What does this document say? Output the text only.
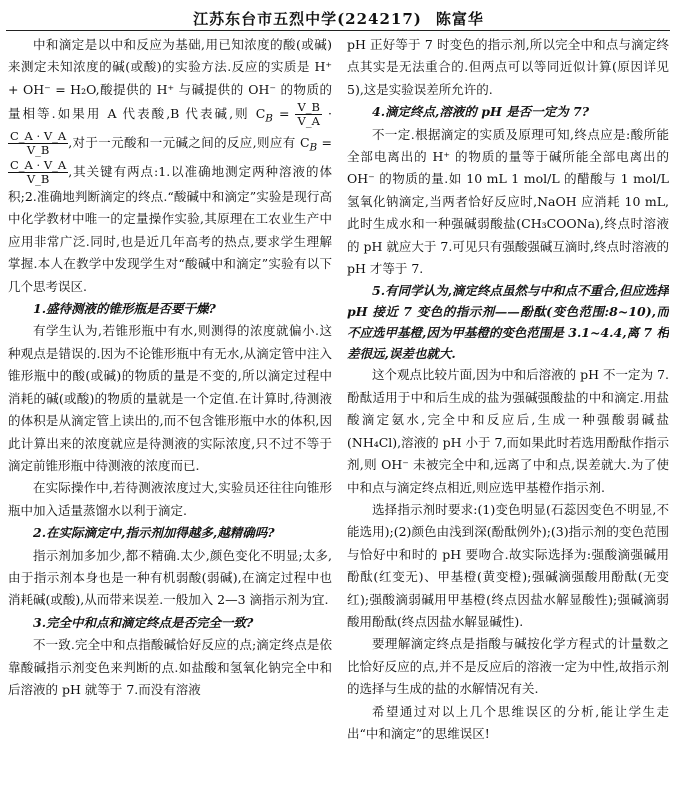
江苏东台市五烈中学(224217) 陈富华

中和滴定是以中和反应为基础,用已知浓度的酸(或碱)来测定未知浓度的碱(或酸)的实验方法.反应的实质是 H⁺ + OH⁻ = H₂O,酸提供的 H⁺ 与碱提供的 OH⁻ 的物质的量相等.如果用 A 代表酸,B 代表碱,则 $C_B = \frac{V\_B}{V\_A}$ ·
$\frac{C\_A \cdot V\_A}{V\_B}$ ,对于一元酸和一元碱之间的反应,则应有 $C_B$ =
$\frac{C\_A \cdot V\_A}{V\_B}$ ,其关键有两点:1.以准确地测定两种溶液的体积;2.准确地判断滴定的终点.“酸碱中和滴定”实验是现行高中化学教材中唯一的定量操作实验,其原理在工农业生产中应用非常广泛.同时,也是近几年高考的热点,要求学生理解掌握.本人在教学中发现学生对“酸碱中和滴定”实验有以下几个思考误区.

1.盛待测液的锥形瓶是否要干燥?

有学生认为,若锥形瓶中有水,则测得的浓度就偏小.这种观点是错误的.因为不论锥形瓶中有无水,从滴定管中注入锥形瓶中的酸(或碱)的物质的量是不变的,所以滴定过程中消耗的碱(或酸)的物质的量就是一个定值.在计算时,待测液的体积是从滴定管上读出的,而不包含锥形瓶中水的体积,因此计算出来的浓度就应是待测液的实际浓度,只不过不等于滴定前锥形瓶中待测液的浓度而已.

在实际操作中,若待测液浓度过大,实验员还往往向锥形瓶中加入适量蒸馏水以利于滴定.

2.在实际滴定中,指示剂加得越多,越精确吗?

指示剂加多加少,都不精确.太少,颜色变化不明显;太多,由于指示剂本身也是一种有机弱酸(弱碱),在滴定过程中也消耗碱(或酸),从而带来误差.一般加入 2—3 滴指示剂为宜.

3.完全中和点和滴定终点是否完全一致?

不一致.完全中和点指酸碱恰好反应的点;滴定终点是依靠酸碱指示剂变色来判断的点.如盐酸和氢氧化钠完全中和后溶液的 pH 就等于 7.而没有溶液

pH 正好等于 7 时变色的指示剂,所以完全中和点与滴定终点其实是无法重合的.但两点可以等同近似计算(原因详见 5),这是实验误差所允许的.

4.滴定终点,溶液的 pH 是否一定为 7?

不一定.根据滴定的实质及原理可知,终点应是:酸所能全部电离出的 H⁺ 的物质的量等于碱所能全部电离出的 OH⁻ 的物质的量.如 10 mL 1 mol/L 的醋酸与 1 mol/L 氢氧化钠滴定,当两者恰好反应时,NaOH 应消耗 10 mL,此时生成水和一种强碱弱酸盐(CH₃COONa),终点时溶液的 pH 就应大于 7.可见只有强酸强碱互滴时,终点时溶液的 pH 才等于 7.

5.有同学认为,滴定终点虽然与中和点不重合,但应选择 pH 接近 7 变色的指示剂——酚酞(变色范围:8~10),而不应选甲基橙,因为甲基橙的变色范围是 3.1~4.4,离 7 相差很远,误差也就大.

这个观点比较片面,因为中和后溶液的 pH 不一定为 7.酚酞适用于中和后生成的盐为强碱强酸盐的中和滴定.用盐酸滴定氨水,完全中和反应后,生成一种强酸弱碱盐(NH₄Cl),溶液的 pH 小于 7,而如果此时若选用酚酞作指示剂,则 OH⁻ 未被完全中和,远离了中和点,误差就大.为了使中和点与滴定终点相近,则应选甲基橙作指示剂.

选择指示剂时要求:(1)变色明显(石蕊因变色不明显,不能选用);(2)颜色由浅到深(酚酞例外);(3)指示剂的变色范围与恰好中和时的 pH 要吻合.故实际选择为:强酸滴强碱用酚酞(红变无)、甲基橙(黄变橙);强碱滴强酸用酚酞(无变红);强酸滴弱碱用甲基橙(终点因盐水解显酸性);强碱滴弱酸用酚酞(终点因盐水解显碱性).

要理解滴定终点是指酸与碱按化学方程式的计量数之比恰好反应的点,并不是反应后的溶液一定为中性,故指示剂的选择与生成的盐的水解情况有关.

希望通过对以上几个思维误区的分析,能让学生走出“中和滴定”的思维误区!
